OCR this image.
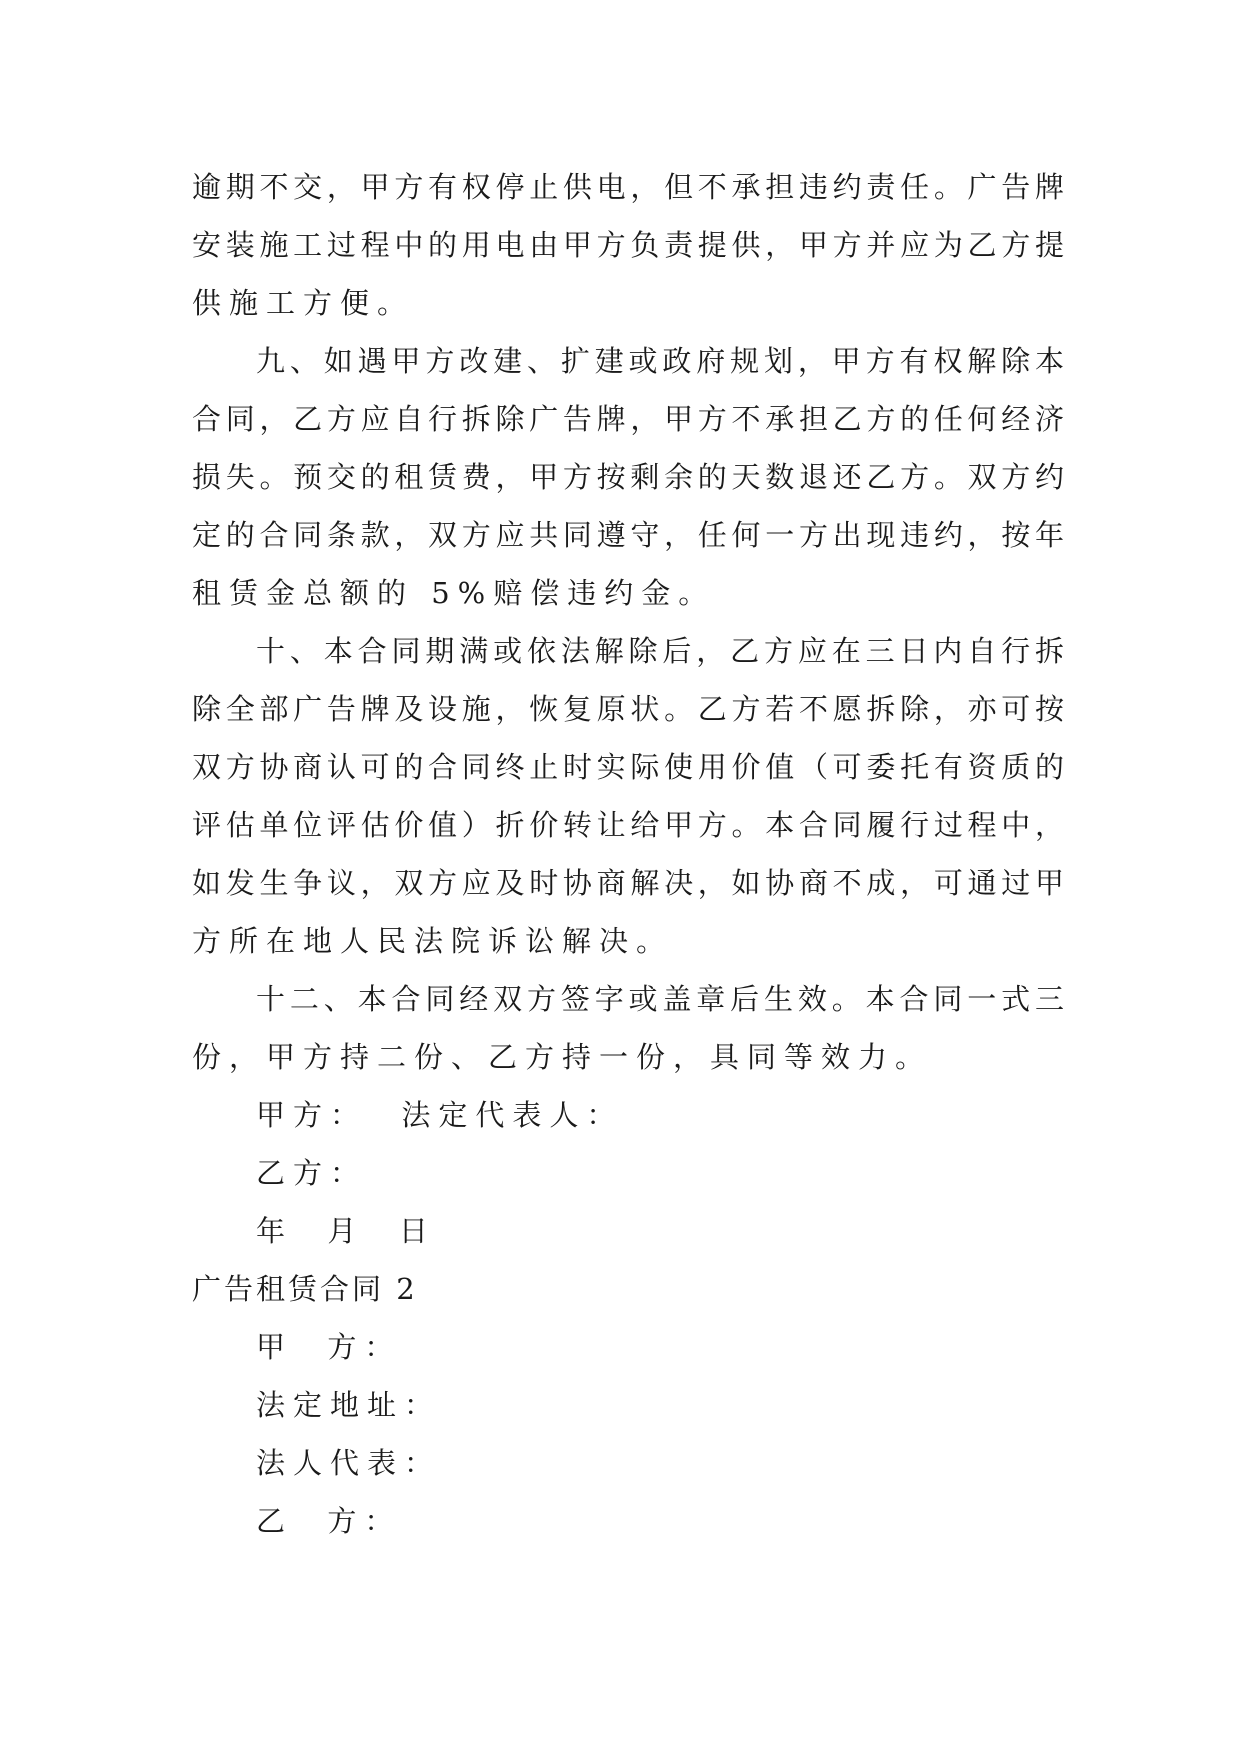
逾期不交，甲方有权停止供电，但不承担违约责任。广告牌
安装施工过程中的用电由甲方负责提供，甲方并应为乙方提
供施工方便。
九、如遇甲方改建、扩建或政府规划，甲方有权解除本
合同，乙方应自行拆除广告牌，甲方不承担乙方的任何经济
损失。预交的租赁费，甲方按剩余的天数退还乙方。双方约
定的合同条款，双方应共同遵守，任何一方出现违约，按年
租赁金总额的 5%赔偿违约金。
十、本合同期满或依法解除后，乙方应在三日内自行拆
除全部广告牌及设施，恢复原状。乙方若不愿拆除，亦可按
双方协商认可的合同终止时实际使用价值（可委托有资质的
评估单位评估价值）折价转让给甲方。本合同履行过程中，
如发生争议，双方应及时协商解决，如协商不成，可通过甲
方所在地人民法院诉讼解决。
十二、本合同经双方签字或盖章后生效。本合同一式三
份，甲方持二份、乙方持一份，具同等效力。
甲方：  法定代表人：
乙方：
年  月  日
广告租赁合同 2
甲  方：
法定地址：
法人代表：
乙  方：
